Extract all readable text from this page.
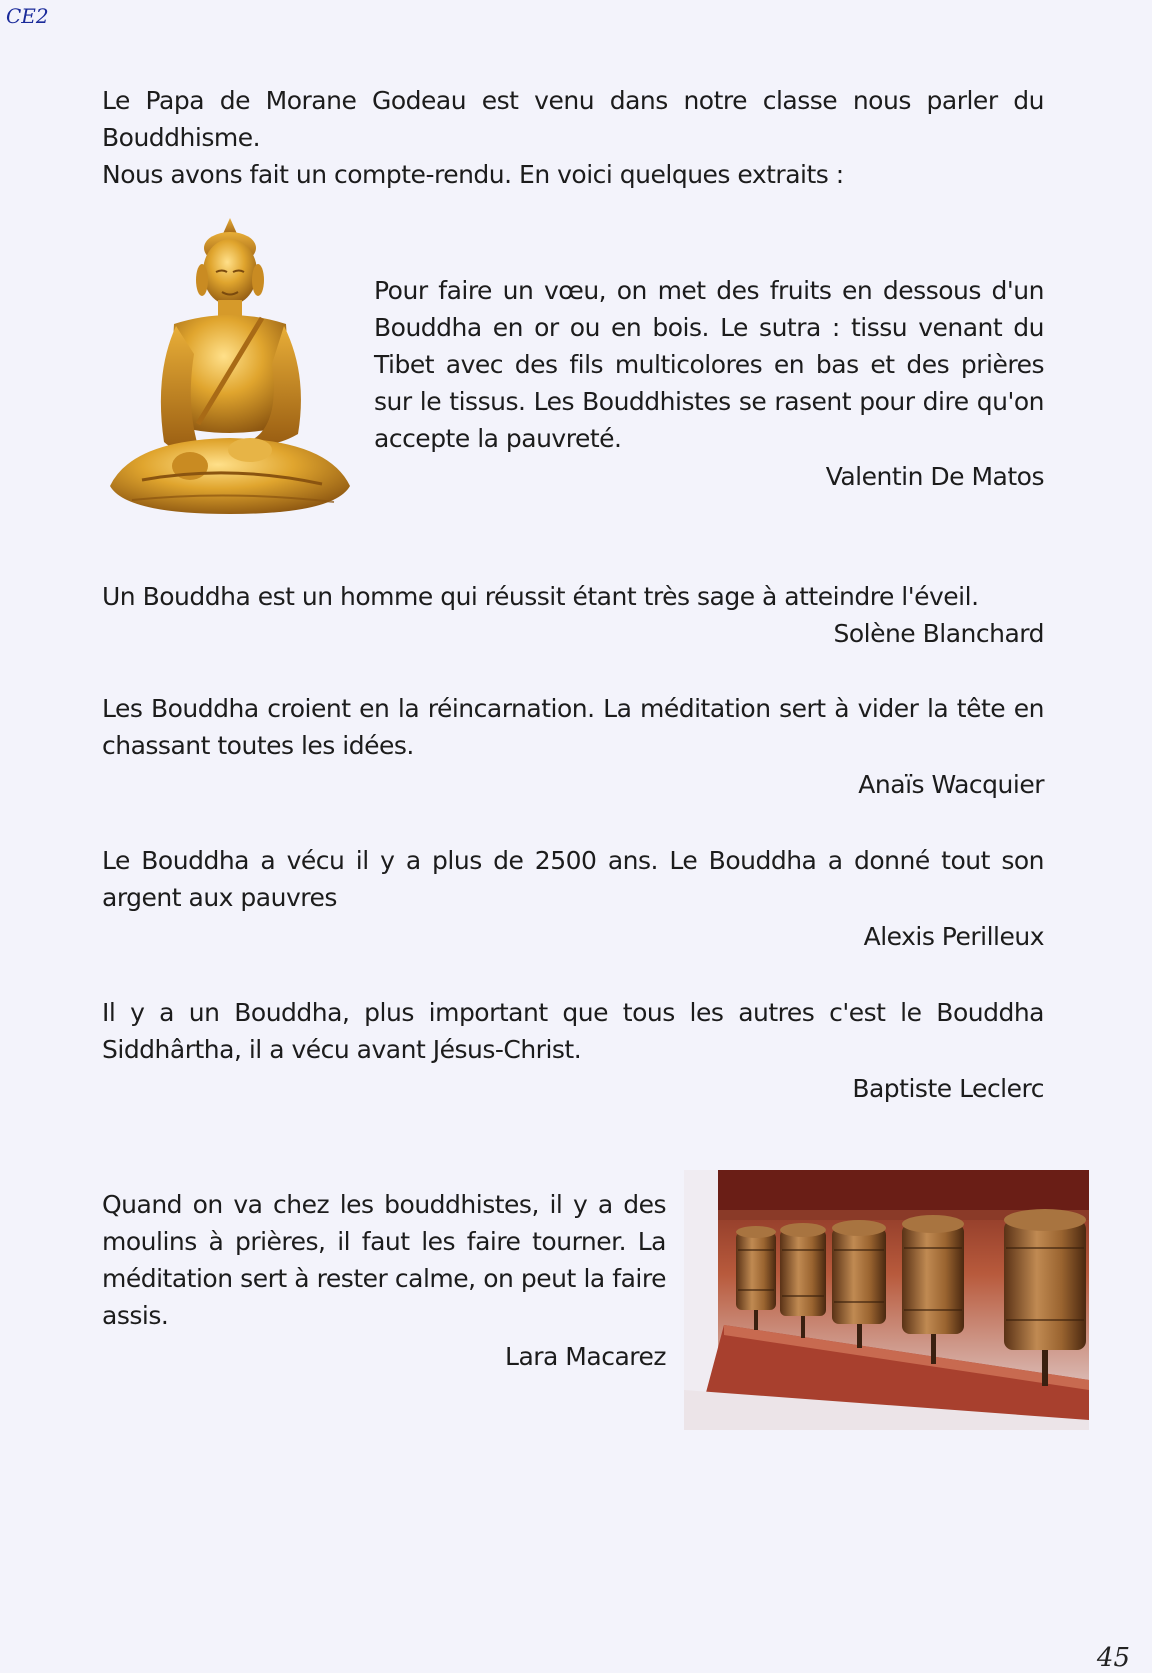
CE2

Le Papa de Morane Godeau est venu dans notre classe nous parler du Bouddhisme.

Nous avons fait un compte-rendu. En voici quelques extraits :

Pour faire un vœu, on met des fruits en dessous d'un Bouddha en or ou en bois. Le sutra : tissu venant du Tibet avec des fils multicolores en bas et des prières sur le tissus. Les Bouddhistes se rasent pour dire qu'on accepte la pauvreté.

Valentin De Matos

Un Bouddha est un homme qui réussit étant très sage à atteindre l'éveil.

Solène Blanchard

Les Bouddha croient en la réincarnation. La méditation sert à vider la tête en chassant toutes les idées.

Anaïs Wacquier

Le Bouddha a vécu il y a plus de 2500 ans. Le Bouddha a donné tout son argent aux pauvres

Alexis Perilleux

Il y a un Bouddha, plus important que tous les autres c'est le Bouddha Siddhârtha, il a vécu avant Jésus-Christ.

Baptiste Leclerc

Quand on va chez les bouddhistes, il y a des moulins à prières, il faut les faire tourner. La méditation sert à rester calme, on peut la faire assis.

Lara Macarez

45
